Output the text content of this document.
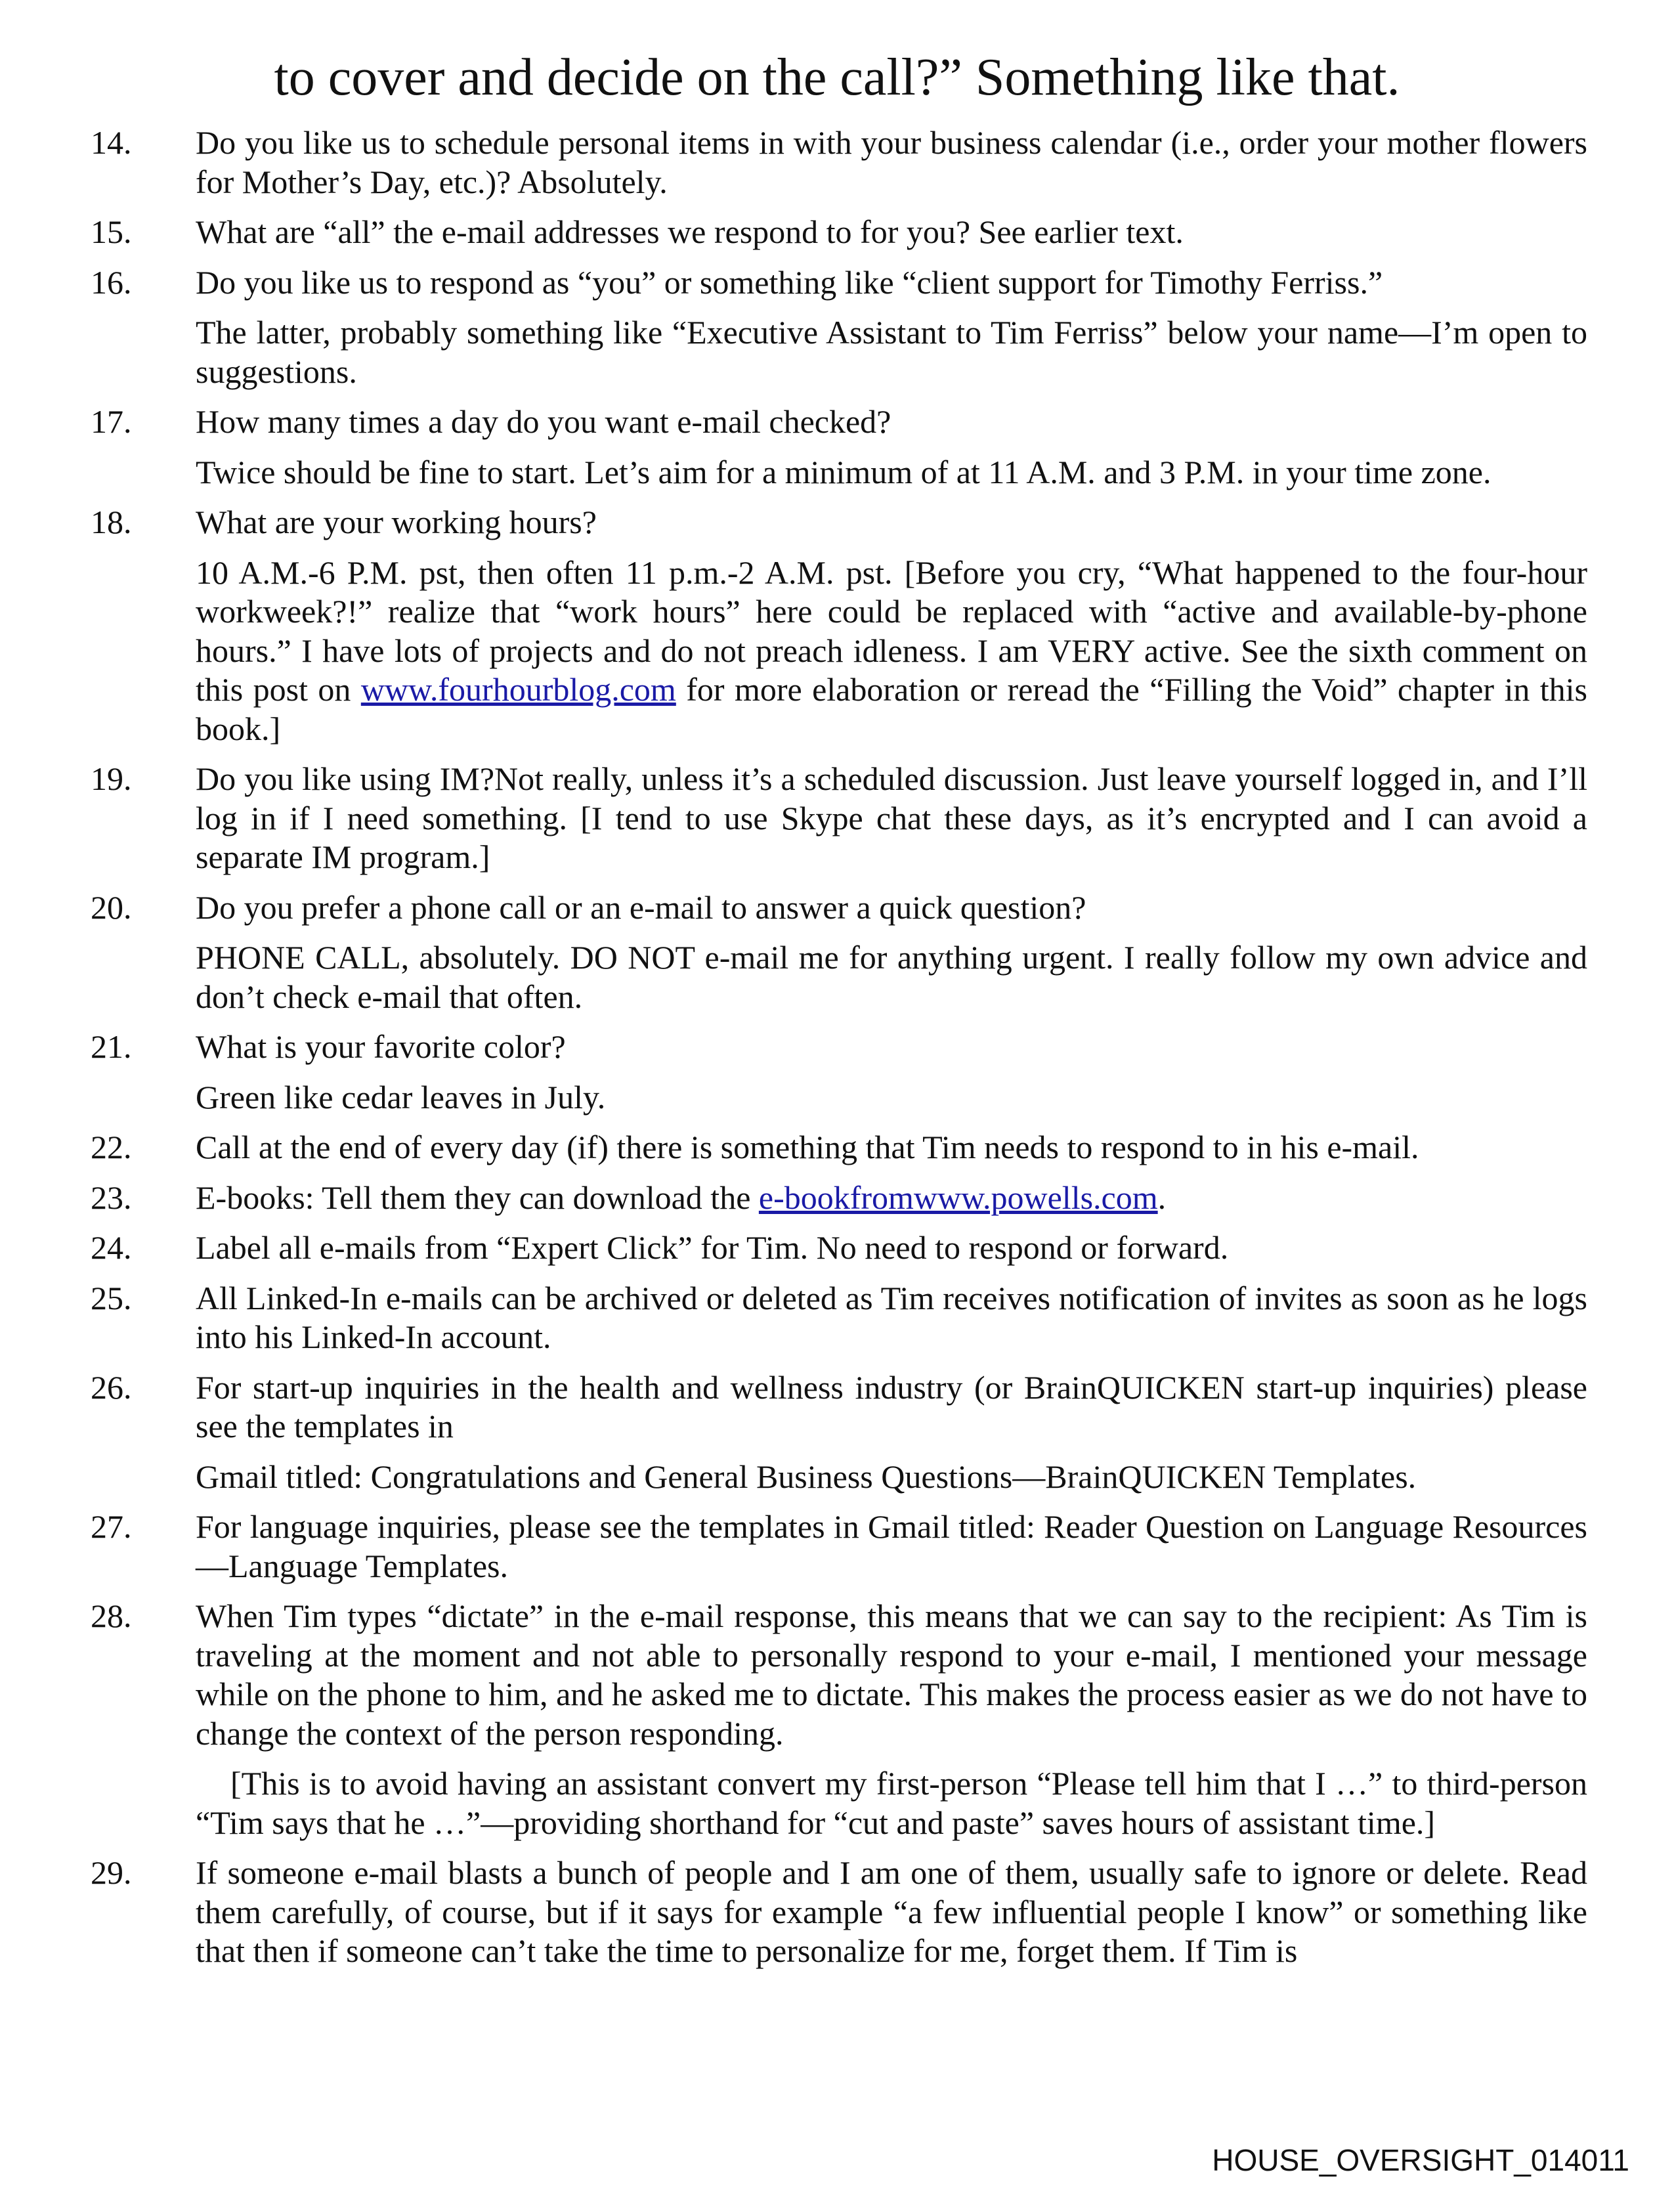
to cover and decide on the call?” Something like that.
14. Do you like us to schedule personal items in with your business calendar (i.e., order your mother flowers for Mother’s Day, etc.)? Absolutely.

15. What are “all” the e-mail addresses we respond to for you? See earlier text.

16. Do you like us to respond as “you” or something like “client support for Timothy Ferriss.”

The latter, probably something like “Executive Assistant to Tim Ferriss” below your name—I’m open to suggestions.

17. How many times a day do you want e-mail checked?

Twice should be fine to start. Let’s aim for a minimum of at 11 A.M. and 3 P.M. in your time zone.

18. What are your working hours?

10 A.M.-6 P.M. pst, then often 11 p.m.-2 A.M. pst. [Before you cry, “What happened to the four-hour workweek?!” realize that “work hours” here could be replaced with “active and available-by-phone hours.” I have lots of projects and do not preach idleness. I am VERY active. See the sixth comment on this post on www.fourhourblog.com for more elaboration or reread the “Filling the Void” chapter in this book.]

19. Do you like using IM?Not really, unless it’s a scheduled discussion. Just leave yourself logged in, and I’ll log in if I need something. [I tend to use Skype chat these days, as it’s encrypted and I can avoid a separate IM program.]

20. Do you prefer a phone call or an e-mail to answer a quick question?

PHONE CALL, absolutely. DO NOT e-mail me for anything urgent. I really follow my own advice and don’t check e-mail that often.

21. What is your favorite color?

Green like cedar leaves in July.

22. Call at the end of every day (if) there is something that Tim needs to respond to in his e-mail.

23. E-books: Tell them they can download the e-bookfromwww.powells.com.

24. Label all e-mails from “Expert Click” for Tim. No need to respond or forward.

25. All Linked-In e-mails can be archived or deleted as Tim receives notification of invites as soon as he logs into his Linked-In account.

26. For start-up inquiries in the health and wellness industry (or BrainQUICKEN start-up inquiries) please see the templates in

Gmail titled: Congratulations and General Business Questions—BrainQUICKEN Templates.

27. For language inquiries, please see the templates in Gmail titled: Reader Question on Language Resources—Language Templates.

28. When Tim types “dictate” in the e-mail response, this means that we can say to the recipient: As Tim is traveling at the moment and not able to personally respond to your e-mail, I mentioned your message while on the phone to him, and he asked me to dictate. This makes the process easier as we do not have to change the context of the person responding.

[This is to avoid having an assistant convert my first-person “Please tell him that I …” to third-person “Tim says that he …”—providing shorthand for “cut and paste” saves hours of assistant time.]

29. If someone e-mail blasts a bunch of people and I am one of them, usually safe to ignore or delete. Read them carefully, of course, but if it says for example “a few influential people I know” or something like that then if someone can’t take the time to personalize for me, forget them. If Tim is

HOUSE_OVERSIGHT_014011
